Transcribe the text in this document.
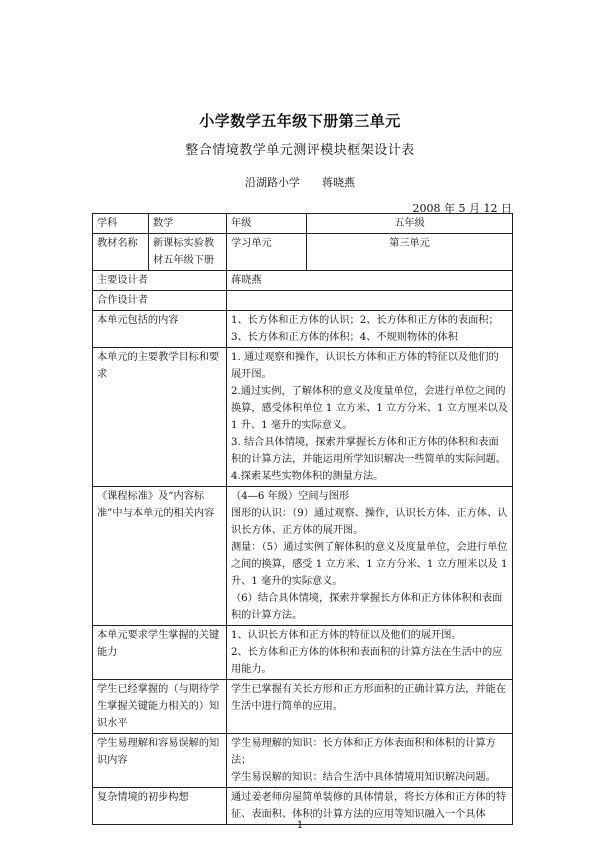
小学数学五年级下册第三单元
整合情境教学单元测评模块框架设计表
沿湖路小学 蒋晓燕
2008 年 5 月 12 日
学科	数学	年级	五年级
教材名称	新课标实验教材五年级下册	学习单元	第三单元
主要设计者		蒋晓燕	
合作设计者			
本单元包括的内容		1、长方体和正方体的认识；2、长方体和正方体的表面积；
3、长方体和正方体的体积；4、不规则物体的体积	

本单元的主要教学目标和要求		1. 通过观察和操作，认识长方体和正方体的特征以及他们的展开图。
2.通过实例，了解体积的意义及度量单位，会进行单位之间的换算，感受体积单位 1 立方米、1 立方分米、1 立方厘米以及 1 升、1 毫升的实际意义。
3. 结合具体情境，探索并掌握长方体和正方体的体积和表面积的计算方法，并能运用所学知识解决一些简单的实际问题。
4.探索某些实物体积的测量方法。	

《课程标准》及“内容标准”中与本单元的相关内容		（4—6 年级）空间与图形
图形的认识：（9）通过观察、操作，认识长方体、正方体、认识长方体、正方体的展开图。
测量：（5）通过实例了解体积的意义及度量单位，会进行单位之间的换算，感受 1 立方米、1 立方分米、1 立方厘米以及 1 升、1 毫升的实际意义。
（6）结合具体情境，探索并掌握长方体和正方体体积和表面积的计算方法。	

本单元要求学生掌握的关键能力		1、认识长方体和正方体的特征以及他们的展开图。
2、长方体和正方体的体积和表面积的计算方法在生活中的应用能力。	

学生已经掌握的（与期待学生掌握关键能力相关的）知识水平		学生已掌握有关长方形和正方形面积的正确计算方法，并能在生活中进行简单的应用。	
学生易理解和容易误解的知识内容		学生易理解的知识：长方体和正方体表面积和体积的计算方法；
学生易误解的知识：结合生活中具体情境用知识解决问题。	

复杂情境的初步构想		通过姜老师房屋简单装修的具体情景，将长方体和正方体的特征、表面积、体积的计算方法的应用等知识融入一个具体	
1
